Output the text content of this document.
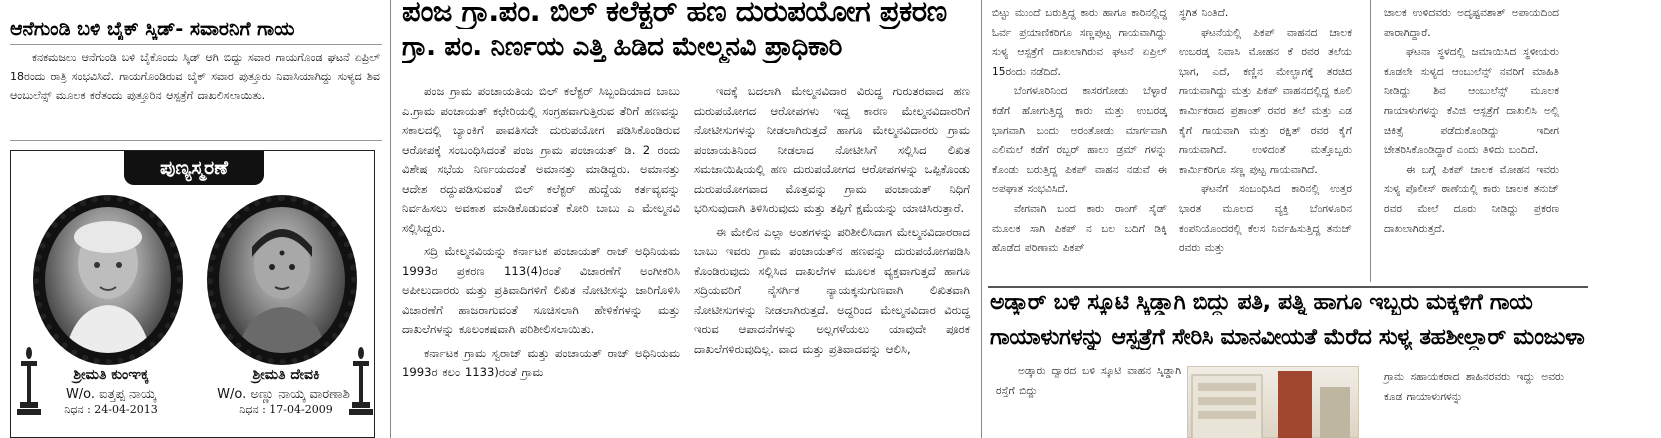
ಆನೆಗುಂಡಿ ಬಳಿ ಬೈಕ್ ಸ್ಕಿಡ್- ಸವಾರನಿಗೆ ಗಾಯ

ಕನಕಮಜಲು ಆನೆಗುಂಡಿ ಬಳಿ ಬೈಕೊಂದು ಸ್ಕಿಡ್ ಆಗಿ ಬಿದ್ದು ಸವಾರ ಗಾಯಗೊಂಡ ಘಟನೆ ಏಪ್ರಿಲ್ 18ರಂದು ರಾತ್ರಿ ಸಂಭವಿಸಿದೆ. ಗಾಯಗೊಂಡಿರುವ ಬೈಕ್ ಸವಾರ ಪುತ್ತೂರು ನಿವಾಸಿಯಾಗಿದ್ದು ಸುಳ್ಯದ ಶಿವ ಆಂಬುಲೆನ್ಸ್ ಮೂಲಕ ಕರೆತಂದು ಪುತ್ತೂರಿನ ಆಸ್ಪತ್ರೆಗೆ ದಾಖಲಿಸಲಾಯಿತು.

ಪುಣ್ಯಸ್ಮರಣೆ
ಶ್ರೀಮತಿ ಕುಂಞಕ್ಕ
W/o. ಐತ್ತಪ್ಪ ನಾಯ್ಕ
ನಿಧನ : 24-04-2013
ಶ್ರೀಮತಿ ದೇವಕಿ
W/o. ಅಣ್ಣು ನಾಯ್ಕ ವಾರಣಾಶಿ
ನಿಧನ : 17-04-2009
ಪಂಜ ಗ್ರಾ.ಪಂ. ಬಿಲ್ ಕಲೆಕ್ಟರ್ ಹಣ ದುರುಪಯೋಗ ಪ್ರಕರಣ
ಗ್ರಾ. ಪಂ. ನಿರ್ಣಯ ಎತ್ತಿ ಹಿಡಿದ ಮೇಲ್ಮನವಿ ಪ್ರಾಧಿಕಾರಿ

ಪಂಜ ಗ್ರಾಮ ಪಂಚಾಯತಿಯ ಬಿಲ್ ಕಲೆಕ್ಟರ್ ಸಿಬ್ಬಂದಿಯಾದ ಬಾಬು ಎ.ಗ್ರಾಮ ಪಂಚಾಯತ್ ಕಛೇರಿಯಲ್ಲಿ ಸಂಗ್ರಹವಾಗುತ್ತಿರುವ ತೆರಿಗೆ ಹಣವನ್ನು ಸಕಾಲದಲ್ಲಿ ಬ್ಯಾಂಕಿಗೆ ಪಾವತಿಸದೇ ದುರುಪಯೋಗ ಪಡಿಸಿಕೊಂಡಿರುವ ಆರೋಪಕ್ಕೆ ಸಂಬಂಧಿಸಿದಂತೆ ಪಂಜ ಗ್ರಾಮ ಪಂಚಾಯತ್ ಡಿ. 2 ರಂದು ವಿಶೇಷ ಸಭೆಯ ನಿರ್ಣಯದಂತೆ ಅಮಾನತ್ತು ಮಾಡಿದ್ದರು. ಅಮಾನತ್ತು ಆದೇಶ ರದ್ದುಪಡಿಸುವಂತೆ ಬಿಲ್ ಕಲೆಕ್ಟರ್ ಹುದ್ದೆಯ ಕರ್ತವ್ಯವನ್ನು ನಿರ್ವಹಿಸಲು ಅವಕಾಶ ಮಾಡಿಕೊಡುವಂತೆ ಕೋರಿ ಬಾಬು ಎ ಮೇಲ್ಮನವಿ ಸಲ್ಲಿಸಿದ್ದರು.

ಸದ್ರಿ ಮೇಲ್ಮನವಿಯನ್ನು ಕರ್ನಾಟಕ ಪಂಚಾಯತ್ ರಾಜ್ ಅಧಿನಿಯಮ 1993ರ ಪ್ರಕರಣ 113(4)ರಂತೆ ವಿಚಾರಣೆಗೆ ಅಂಗೀಕರಿಸಿ ಅಪೀಲುದಾರರು ಮತ್ತು ಪ್ರತಿವಾದಿಗಳಿಗೆ ಲಿಖಿತ ನೋಟೀಸನ್ನು ಜಾರಿಗೊಳಿಸಿ ವಿಚಾರಣೆಗೆ ಹಾಜರಾಗುವಂತೆ ಸೂಚಿಸಲಾಗಿ ಹೇಳಿಕೆಗಳನ್ನು ಮತ್ತು ದಾಖಲೆಗಳನ್ನು ಕೂಲಂಕಷವಾಗಿ ಪರಿಶೀಲಿಸಲಾಯಿತು.

ಕರ್ನಾಟಕ ಗ್ರಾಮ ಸ್ವರಾಜ್ ಮತ್ತು ಪಂಚಾಯತ್ ರಾಜ್ ಅಧಿನಿಯಮ 1993ರ ಕಲಂ 1133)ರಂತೆ ಗ್ರಾಮ

ಇದಕ್ಕೆ ಬದಲಾಗಿ ಮೇಲ್ಮನವಿದಾರ ವಿರುದ್ಧ ಗುರುತರವಾದ ಹಣ ದುರುಪಯೋಗದ ಆರೋಪಗಳು ಇದ್ದ ಕಾರಣ ಮೇಲ್ಮನವಿದಾರರಿಗೆ ನೋಟೀಸುಗಳನ್ನು ನೀಡಲಾಗಿರುತ್ತದೆ ಹಾಗೂ ಮೇಲ್ಮನವಿದಾರರು ಗ್ರಾಮ ಪಂಚಾಯತಿನಿಂದ ನೀಡಲಾದ ನೋಟೀಸಿಗೆ ಸಲ್ಲಿಸಿದ ಲಿಖಿತ ಸಮಜಾಯಿಷಿಯಲ್ಲಿ ಹಣ ದುರುಪಯೋಗದ ಆರೋಪಗಳನ್ನು ಒಪ್ಪಿಕೊಂಡು ದುರುಪಯೋಗವಾದ ಮೊತ್ತವನ್ನು ಗ್ರಾಮ ಪಂಚಾಯತ್ ನಿಧಿಗೆ ಭರಿಸುವುದಾಗಿ ತಿಳಿಸಿರುವುದು ಮತ್ತು ತಪ್ಪಿಗೆ ಕ್ಷಮೆಯನ್ನು ಯಾಚಿಸಿರುತ್ತಾರೆ.

ಈ ಮೇಲಿನ ಎಲ್ಲಾ ಅಂಶಗಳನ್ನು ಪರಿಶೀಲಿಸಿದಾಗ ಮೇಲ್ಮನವಿದಾರರಾದ ಬಾಬು ಇವರು ಗ್ರಾಮ ಪಂಚಾಯತ್‌ನ ಹಣವನ್ನು ದುರುಪಯೋಗಪಡಿಸಿ ಕೊಂಡಿರುವುದು ಸಲ್ಲಿಸಿದ ದಾಖಲೆಗಳ ಮೂಲಕ ವ್ಯಕ್ತವಾಗುತ್ತದೆ ಹಾಗೂ ಸದ್ರಿಯವರಿಗೆ ನೈಸರ್ಗಿಕ ನ್ಯಾಯಕ್ಕನುಗುಣವಾಗಿ ಲಿಖಿತವಾಗಿ ನೋಟೀಸುಗಳನ್ನು ನೀಡಲಾಗಿರುತ್ತದೆ. ಅದ್ದರಿಂದ ಮೇಲ್ಮನವಿದಾರ ವಿರುದ್ಧ ಇರುವ ಆಪಾದನೆಗಳನ್ನು ಅಲ್ಲಗಳೆಯಲು ಯಾವುದೇ ಪೂರಕ ದಾಖಲೆಗಳಿರುವುದಿಲ್ಲ. ವಾದ ಮತ್ತು ಪ್ರತಿವಾದವನ್ನು ಆಲಿಸಿ,

ಬಿಟ್ಟು ಮುಂದೆ ಬರುತ್ತಿದ್ದ ಕಾರು ಹಾಗೂ ಕಾರಿನಲ್ಲಿದ್ದ ಓರ್ವ ಪ್ರಯಾಣಿಕರಿಗೂ ಸಣ್ಣಪುಟ್ಟ ಗಾಯವಾಗಿದ್ದು ಸುಳ್ಯ ಆಸ್ಪತ್ರೆಗೆ ದಾಖಲಾಗಿರುವ ಘಟನೆ ಏಪ್ರಿಲ್ 15ರಂದು ನಡೆದಿದೆ.

ಬೆಂಗಳೂರಿನಿಂದ ಕಾಸರಗೋಡು ಬೆಳ್ಳಾರೆ ಕಡೆಗೆ ಹೋಗುತ್ತಿದ್ದ ಕಾರು ಮತ್ತು ಉಬರಡ್ಕ ಭಾಗವಾಗಿ ಬಂದು ಅರಂತೋಡು ಮಾರ್ಗವಾಗಿ ಎಲಿಮಲೆ ಕಡೆಗೆ ರಬ್ಬರ್ ಹಾಲು ಡ್ರಮ್ ಗಳನ್ನು ಕೊಂಡು ಬರುತ್ತಿದ್ದ ಪಿಕಪ್ ವಾಹನ ನಡುವೆ ಈ ಅಪಘಾತ ಸಂಭವಿಸಿದೆ.

ವೇಗವಾಗಿ ಬಂದ ಕಾರು ರಾಂಗ್ ಸೈಡ್ ಮೂಲಕ ಸಾಗಿ ಪಿಕಪ್ ನ ಬಲ ಬದಿಗೆ ಡಿಕ್ಕಿ ಹೊಡೆದ ಪರಿಣಾಮ ಪಿಕಪ್

ಸ್ಥಗಿತ ನಿಂತಿದೆ.

ಘಟನೆಯಲ್ಲಿ ಪಿಕಪ್ ವಾಹನದ ಚಾಲಕ ಉಬರಡ್ಕ ನಿವಾಸಿ ಮೋಹನ ಕೆ ರವರ ತಲೆಯ ಭಾಗ, ಎದೆ, ಕಣ್ಣಿನ ಮೇಲ್ಭಾಗಕ್ಕೆ ತರಚಿದ ಗಾಯವಾಗಿದ್ದು ಮತ್ತು ಪಿಕಪ್ ವಾಹನದಲ್ಲಿದ್ದ ಕೂಲಿ ಕಾರ್ಮಿಕರಾದ ಪ್ರಶಾಂತ್ ರವರ ತಲೆ ಮತ್ತು ಎಡ ಕೈಗೆ ಗಾಯವಾಗಿ ಮತ್ತು ರಕ್ಷಿತ್ ರವರ ಕೈಗೆ ಗಾಯವಾಗಿದೆ. ಉಳಿದಂತೆ ಮತ್ತೊಬ್ಬರು ಕಾರ್ಮಿಕರಿಗೂ ಸಣ್ಣ ಪುಟ್ಟ ಗಾಯವಾಗಿದೆ.

ಘಟನೆಗೆ ಸಂಬಂಧಿಸಿದ ಕಾರಿನಲ್ಲಿ ಉತ್ತರ ಭಾರತ ಮೂಲದ ವ್ಯಕ್ತಿ ಬೆಂಗಳೂರಿನ ಕಂಪನಿಯೊಂದರಲ್ಲಿ ಕೆಲಸ ನಿರ್ವಹಿಸುತ್ತಿದ್ದ ತನುಜ್ ರವರು ಮತ್ತು

ಚಾಲಕ ಉಳಿದವರು ಅದೃಷ್ಟವಶಾತ್ ಅಪಾಯದಿಂದ ಪಾರಾಗಿದ್ದಾರೆ.

ಘಟನಾ ಸ್ಥಳದಲ್ಲಿ ಜಮಾಯಿಸಿದ ಸ್ಥಳೀಯರು ಕೂಡಲೇ ಸುಳ್ಯದ ಆಂಬುಲೆನ್ಸ್ ನವರಿಗೆ ಮಾಹಿತಿ ನೀಡಿದ್ದು ಶಿವ ಆಂಬುಲೆನ್ಸ್ ಮೂಲಕ ಗಾಯಾಳುಗಳನ್ನು ಕೆವಿಜಿ ಆಸ್ಪತ್ರೆಗೆ ದಾಖಲಿಸಿ ಅಲ್ಲಿ ಚಿಕಿತ್ಸೆ ಪಡೆದುಕೊಂಡಿದ್ದು ಇದೀಗ ಚೇತರಿಸಿಕೊಂಡಿದ್ದಾರೆ ಎಂದು ತಿಳಿದು ಬಂದಿದೆ.

ಈ ಬಗ್ಗೆ ಪಿಕಪ್ ಚಾಲಕ ಮೋಹನ ಇವರು ಸುಳ್ಯ ಪೊಲೀಸ್ ಠಾಣೆಯಲ್ಲಿ ಕಾರು ಚಾಲಕ ತನುಜ್ ರವರ ಮೇಲೆ ದೂರು ನೀಡಿದ್ದು ಪ್ರಕರಣ ದಾಖಲಾಗಿರುತ್ತದೆ.

ಅಡ್ಕಾರ್ ಬಳಿ ಸ್ಕೂಟಿ ಸ್ಕಿಡ್ಡಾಗಿ ಬಿದ್ದು ಪತಿ, ಪತ್ನಿ ಹಾಗೂ ಇಬ್ಬರು ಮಕ್ಕಳಿಗೆ ಗಾಯ
ಗಾಯಾಳುಗಳನ್ನು ಆಸ್ಪತ್ರೆಗೆ ಸೇರಿಸಿ ಮಾನವೀಯತೆ ಮೆರೆದ ಸುಳ್ಯ ತಹಶೀಲ್ದಾರ್ ಮಂಜುಳಾ

ಅಡ್ಕಾರು ದ್ವಾರದ ಬಳಿ ಸ್ಕೂಟಿ ವಾಹನ ಸ್ಕಿಡ್ಡಾಗಿ ರಸ್ತೆಗೆ ಬಿದ್ದು

ಗ್ರಾಮ ಸಹಾಯಕರಾದ ಶಾಹಿನರವರು ಇದ್ದು ಅವರು ಕೂಡ ಗಾಯಾಳುಗಳನ್ನು
